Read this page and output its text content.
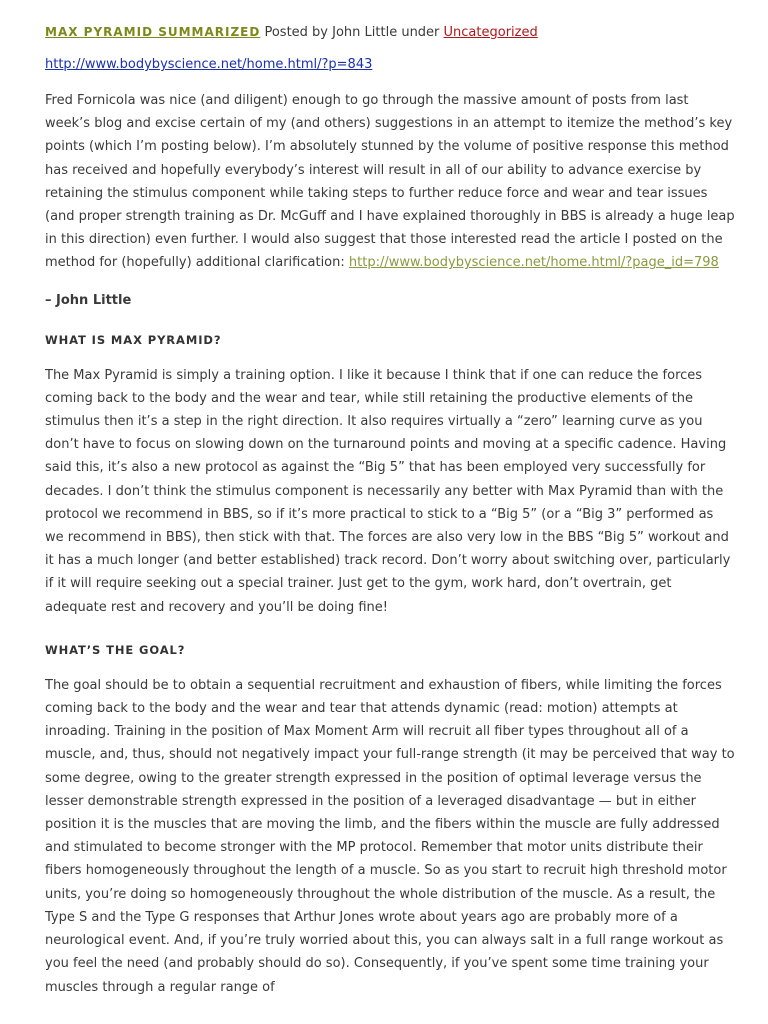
MAX PYRAMID SUMMARIZED Posted by John Little under Uncategorized
http://www.bodybyscience.net/home.html/?p=843

Fred Fornicola was nice (and diligent) enough to go through the massive amount of posts from last week’s blog and excise certain of my (and others) suggestions in an attempt to itemize the method’s key points (which I’m posting below). I’m absolutely stunned by the volume of positive response this method has received and hopefully everybody’s interest will result in all of our ability to advance exercise by retaining the stimulus component while taking steps to further reduce force and wear and tear issues (and proper strength training as Dr. McGuff and I have explained thoroughly in BBS is already a huge leap in this direction) even further. I would also suggest that those interested read the article I posted on the method for (hopefully) additional clarification: http://www.bodybyscience.net/home.html/?page_id=798

– John Little
WHAT IS MAX PYRAMID?

The Max Pyramid is simply a training option. I like it because I think that if one can reduce the forces coming back to the body and the wear and tear, while still retaining the productive elements of the stimulus then it’s a step in the right direction. It also requires virtually a “zero” learning curve as you don’t have to focus on slowing down on the turnaround points and moving at a specific cadence. Having said this, it’s also a new protocol as against the “Big 5” that has been employed very successfully for decades. I don’t think the stimulus component is necessarily any better with Max Pyramid than with the protocol we recommend in BBS, so if it’s more practical to stick to a “Big 5” (or a “Big 3” performed as we recommend in BBS), then stick with that. The forces are also very low in the BBS “Big 5” workout and it has a much longer (and better established) track record. Don’t worry about switching over, particularly if it will require seeking out a special trainer. Just get to the gym, work hard, don’t overtrain, get adequate rest and recovery and you’ll be doing fine!

WHAT’S THE GOAL?

The goal should be to obtain a sequential recruitment and exhaustion of fibers, while limiting the forces coming back to the body and the wear and tear that attends dynamic (read: motion) attempts at inroading. Training in the position of Max Moment Arm will recruit all fiber types throughout all of a muscle, and, thus, should not negatively impact your full-range strength (it may be perceived that way to some degree, owing to the greater strength expressed in the position of optimal leverage versus the lesser demonstrable strength expressed in the position of a leveraged disadvantage — but in either position it is the muscles that are moving the limb, and the fibers within the muscle are fully addressed and stimulated to become stronger with the MP protocol. Remember that motor units distribute their fibers homogeneously throughout the length of a muscle. So as you start to recruit high threshold motor units, you’re doing so homogeneously throughout the whole distribution of the muscle. As a result, the Type S and the Type G responses that Arthur Jones wrote about years ago are probably more of a neurological event. And, if you’re truly worried about this, you can always salt in a full range workout as you feel the need (and probably should do so). Consequently, if you’ve spent some time training your muscles through a regular range of
